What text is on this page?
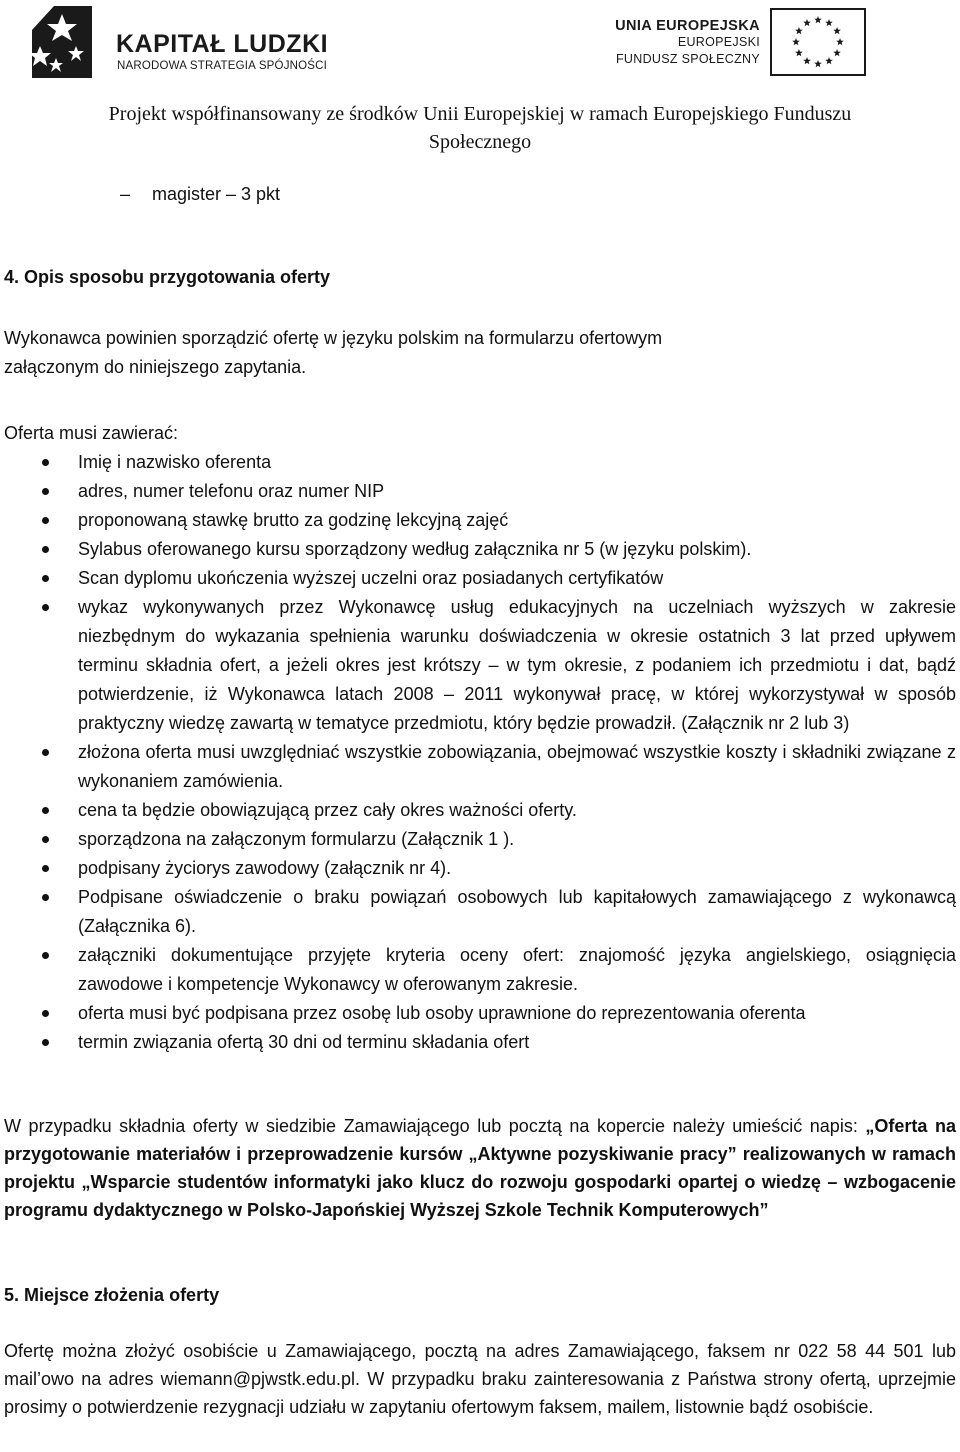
KAPITAŁ LUDZKI
NARODOWA STRATEGIA SPÓJNOŚCI
UNIA EUROPEJSKA
EUROPEJSKI
FUNDUSZ SPOŁECZNY
Projekt współfinansowany ze środków Unii Europejskiej w ramach Europejskiego Funduszu
Społecznego
magister – 3 pkt
–
4. Opis sposobu przygotowania oferty
Wykonawca powinien sporządzić ofertę w języku polskim na formularzu ofertowym
załączonym do niniejszego zapytania.
Oferta musi zawierać:
Imię i nazwisko oferenta
adres, numer telefonu oraz numer NIP
proponowaną stawkę brutto za godzinę lekcyjną zajęć
Sylabus oferowanego kursu sporządzony według załącznika nr 5 (w języku polskim).
Scan dyplomu ukończenia wyższej uczelni oraz posiadanych certyfikatów
wykaz wykonywanych przez Wykonawcę usług edukacyjnych na uczelniach wyższych w zakresie niezbędnym do wykazania spełnienia warunku doświadczenia w okresie ostatnich 3 lat przed upływem terminu składnia ofert, a jeżeli okres jest krótszy – w tym okresie, z podaniem ich przedmiotu i dat, bądź potwierdzenie, iż Wykonawca latach 2008 – 2011 wykonywał pracę, w której wykorzystywał w sposób praktyczny wiedzę zawartą w tematyce przedmiotu, który będzie prowadził. (Załącznik nr 2 lub 3)
złożona oferta musi uwzględniać wszystkie zobowiązania, obejmować wszystkie koszty i składniki związane z wykonaniem zamówienia.
cena ta będzie obowiązującą przez cały okres ważności oferty.
sporządzona na załączonym formularzu (Załącznik 1 ).
podpisany życiorys zawodowy (załącznik nr 4).
Podpisane oświadczenie o braku powiązań osobowych lub kapitałowych zamawiającego z wykonawcą (Załącznika 6).
załączniki dokumentujące przyjęte kryteria oceny ofert: znajomość języka angielskiego, osiągnięcia zawodowe i kompetencje Wykonawcy w oferowanym zakresie.
oferta musi być podpisana przez osobę lub osoby uprawnione do reprezentowania oferenta
termin związania ofertą 30 dni od terminu składania ofert
W przypadku składnia oferty w siedzibie Zamawiającego lub pocztą na kopercie należy umieścić napis: „Oferta na przygotowanie materiałów i przeprowadzenie kursów „Aktywne pozyskiwanie pracy” realizowanych w ramach projektu „Wsparcie studentów informatyki jako klucz do rozwoju gospodarki opartej o wiedzę – wzbogacenie programu dydaktycznego w Polsko-Japońskiej Wyższej Szkole Technik Komputerowych”
5. Miejsce złożenia oferty
Ofertę można złożyć osobiście u Zamawiającego, pocztą na adres Zamawiającego, faksem nr 022 58 44 501 lub mail’owo na adres wiemann@pjwstk.edu.pl. W przypadku braku zainteresowania z Państwa strony ofertą, uprzejmie prosimy o potwierdzenie rezygnacji udziału w zapytaniu ofertowym faksem, mailem, listownie bądź osobiście.
